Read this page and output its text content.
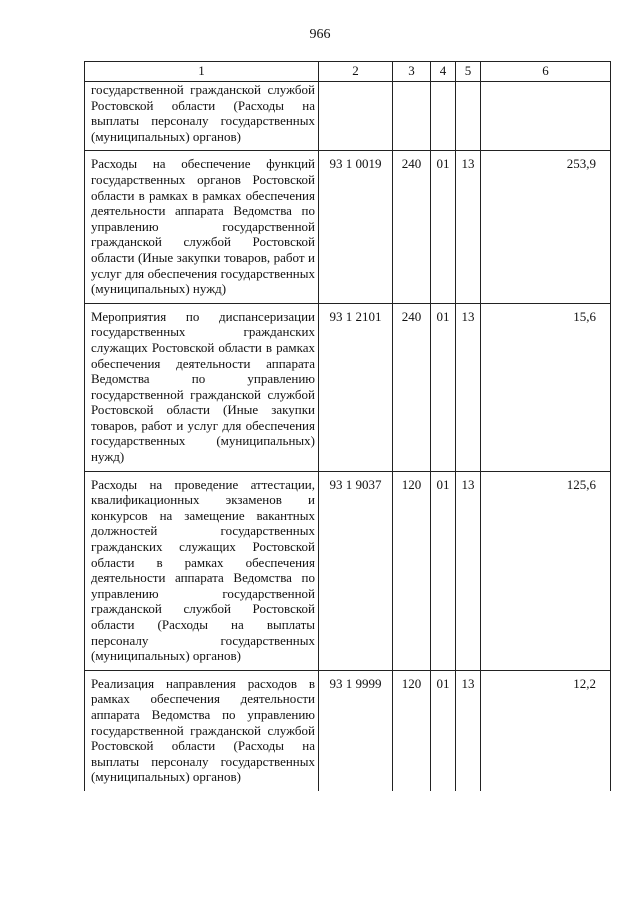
966
1	2	3	4	5	6
государственной гражданской службой Ростовской области (Расходы на выплаты персоналу государственных (муниципальных) органов)					
Расходы на обеспечение функций государственных органов Ростовской области в рамках в рамках обеспечения деятельности аппарата Ведомства по управлению государственной гражданской службой Ростовской области (Иные закупки товаров, работ и услуг для обеспечения государственных (муниципальных) нужд)	93 1 0019	240	01	13	253,9
Мероприятия по диспансеризации государственных гражданских служащих Ростовской области в рамках обеспечения деятельности аппарата Ведомства по управлению государственной гражданской службой Ростовской области (Иные закупки товаров, работ и услуг для обеспечения государственных (муниципальных) нужд)	93 1 2101	240	01	13	15,6
Расходы на проведение аттестации, квалификационных экзаменов и конкурсов на замещение вакантных должностей государственных гражданских служащих Ростовской области в рамках обеспечения деятельности аппарата Ведомства по управлению государственной гражданской службой Ростовской области (Расходы на выплаты персоналу государственных (муниципальных) органов)	93 1 9037	120	01	13	125,6
Реализация направления расходов в рамках обеспечения деятельности аппарата Ведомства по управлению государственной гражданской службой Ростовской области (Расходы на выплаты персоналу государственных (муниципальных) органов)	93 1 9999	120	01	13	12,2
